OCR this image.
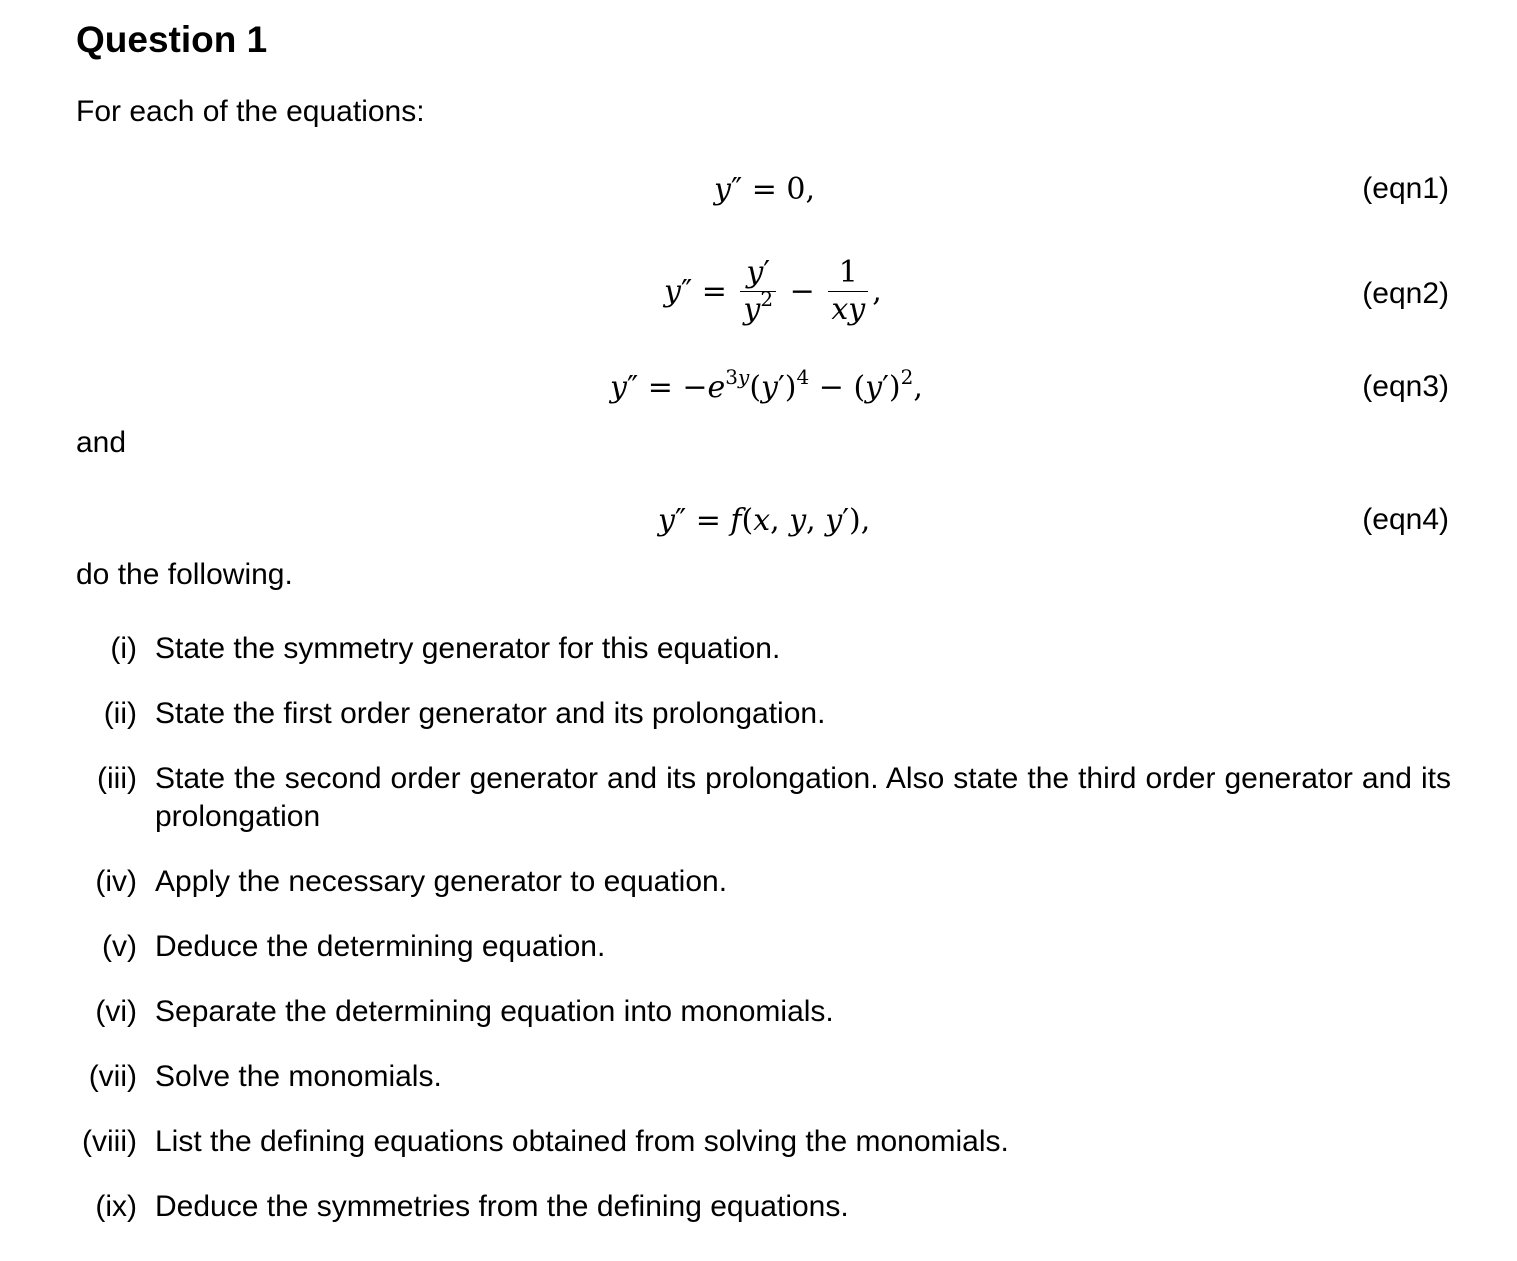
Question 1
For each of the equations:
y″ = 0,	(eqn1)
$y'' = \frac{y'}{y^2} - \frac{1}{xy}$ ,	(eqn2)
$y'' = -e^{3y}(y')^4 - (y')^2$,	(eqn3)
and
y″ = f(x, y, y′),	(eqn4)
do the following.
(i) State the symmetry generator for this equation.
(ii) State the first order generator and its prolongation.
(iii) State the second order generator and its prolongation. Also state the third order generator and its prolongation
(iv) Apply the necessary generator to equation.
(v) Deduce the determining equation.
(vi) Separate the determining equation into monomials.
(vii) Solve the monomials.
(viii) List the defining equations obtained from solving the monomials.
(ix) Deduce the symmetries from the defining equations.
